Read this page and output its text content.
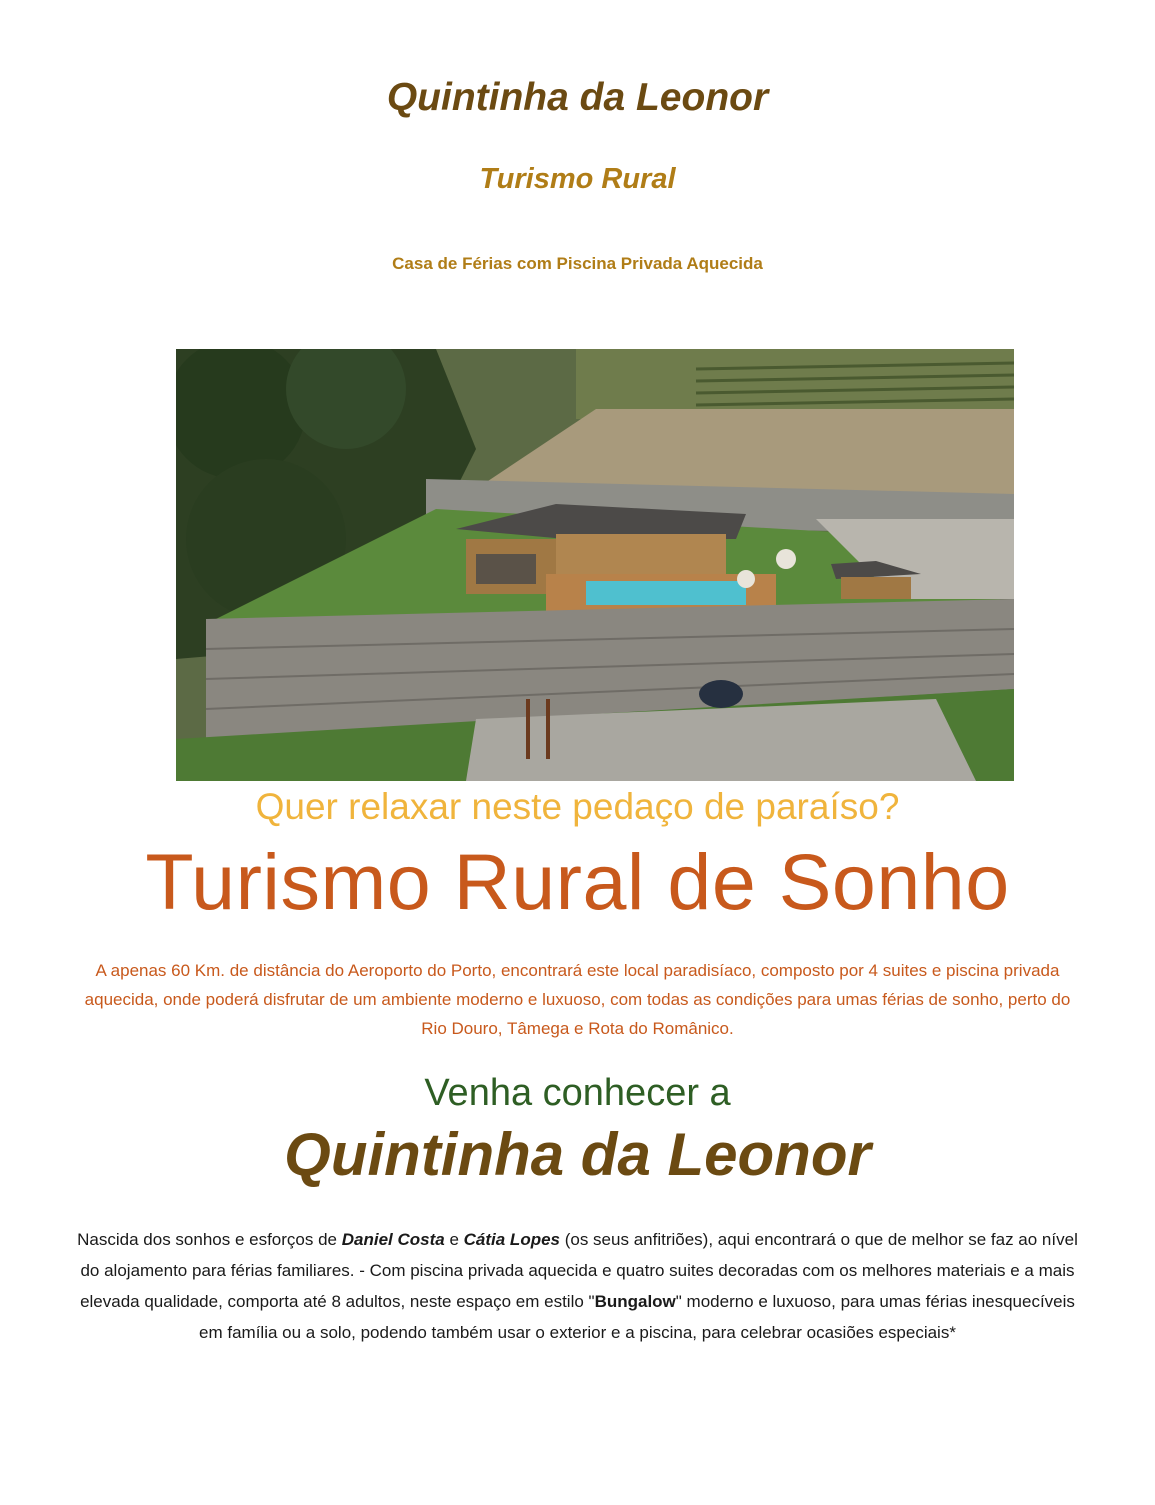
Quintinha da Leonor
Turismo Rural
Casa de Férias com Piscina Privada Aquecida
Quer relaxar neste pedaço de paraíso?
Turismo Rural de Sonho
A apenas 60 Km. de distância do Aeroporto do Porto, encontrará este local paradisíaco, composto por 4 suites e piscina privada aquecida, onde poderá disfrutar de um ambiente moderno e luxuoso, com todas as condições para umas férias de sonho, perto do Rio Douro, Tâmega e Rota do Românico.
Venha conhecer a
Quintinha da Leonor
Nascida dos sonhos e esforços de Daniel Costa e Cátia Lopes (os seus anfitriões), aqui encontrará o que de melhor se faz ao nível do alojamento para férias familiares. - Com piscina privada aquecida e quatro suites decoradas com os melhores materiais e a mais elevada qualidade, comporta até 8 adultos, neste espaço em estilo "Bungalow" moderno e luxuoso, para umas férias inesquecíveis em família ou a solo, podendo também usar o exterior e a piscina, para celebrar ocasiões especiais*
